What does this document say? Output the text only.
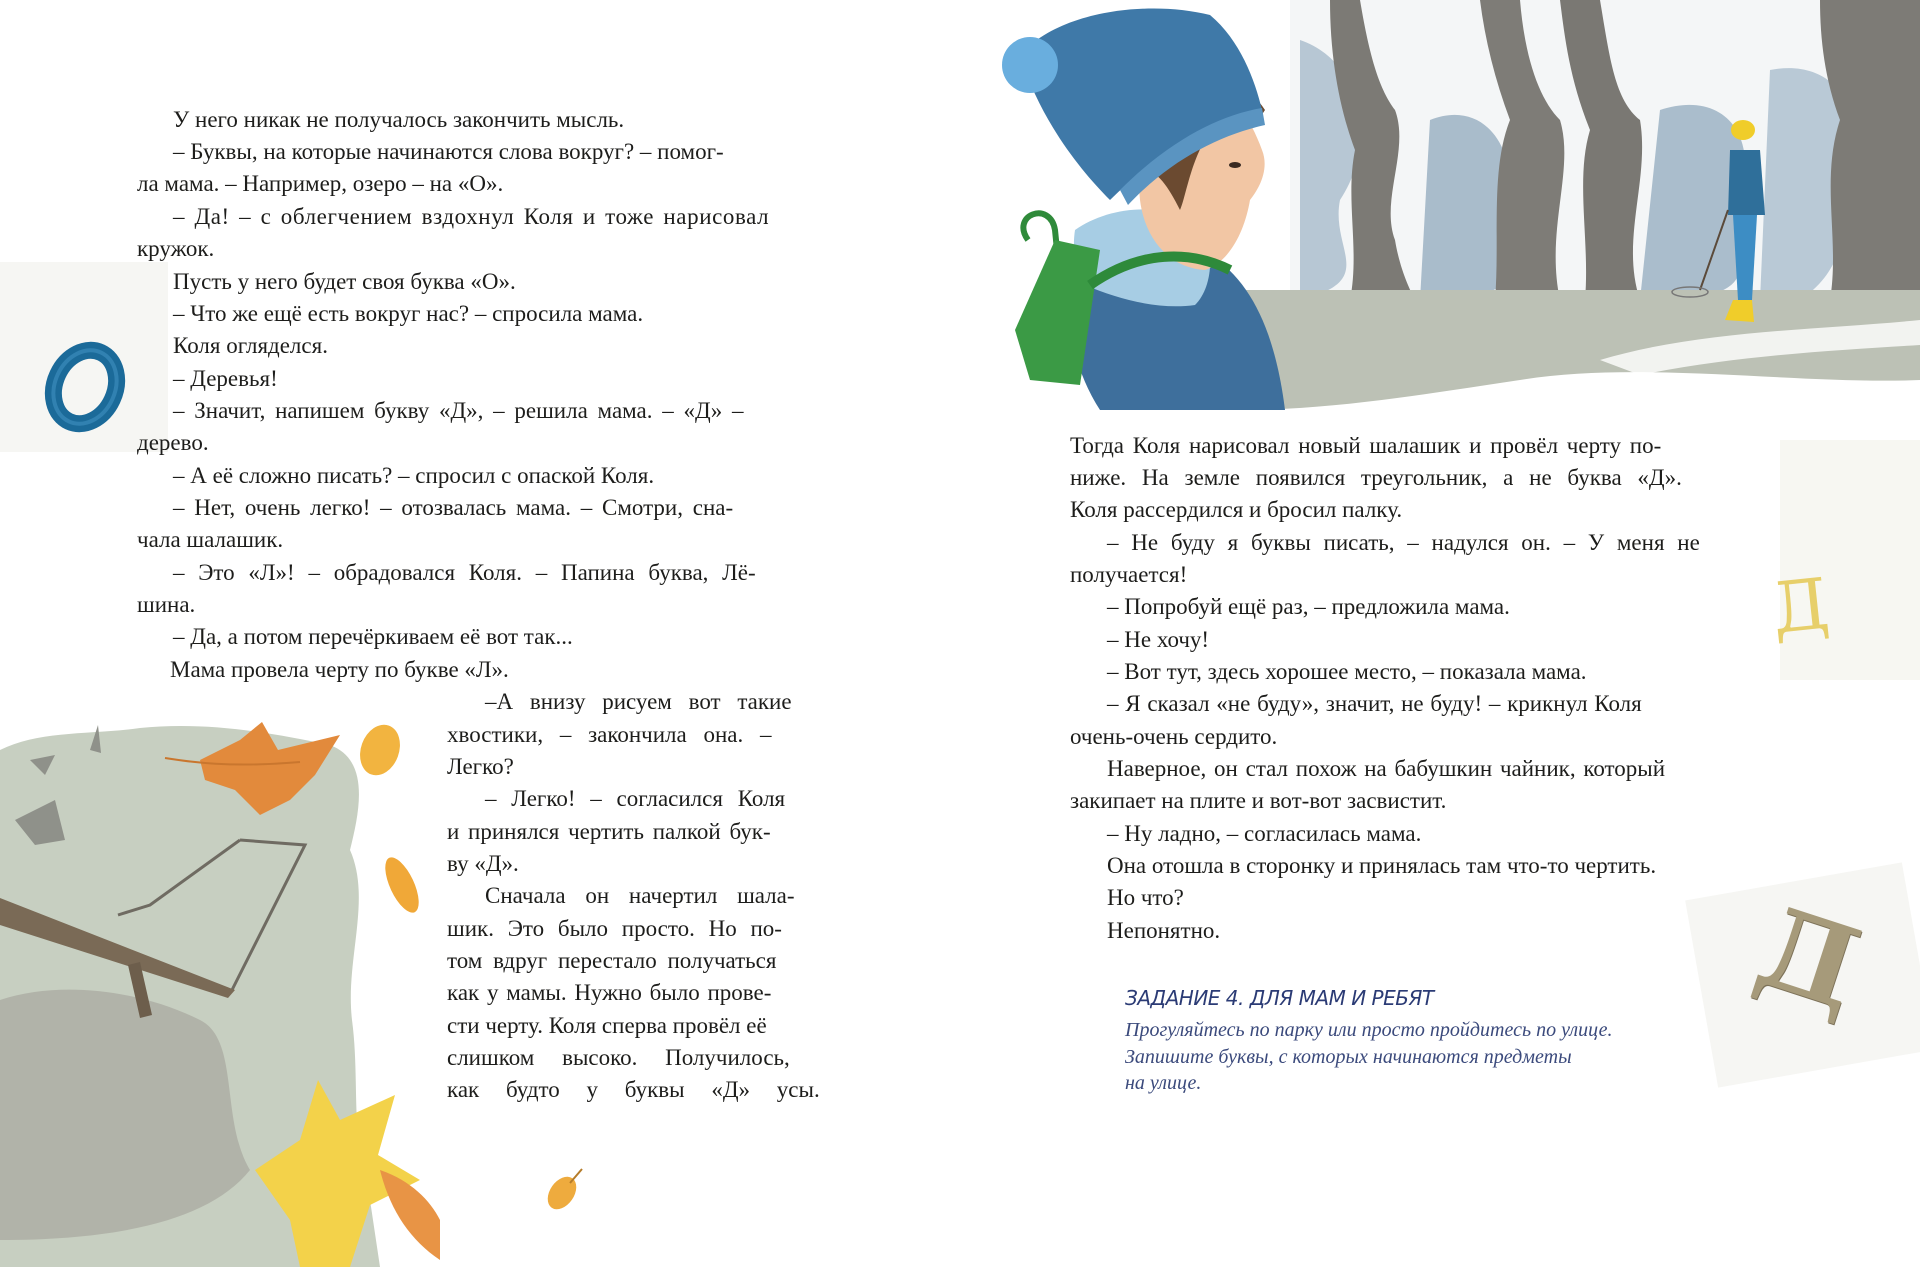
У него никак не получалось закончить мысль.
– Буквы, на которые начинаются слова вокруг? – помог-
ла мама. – Например, озеро – на «О».
– Да! – с облегчением вздохнул Коля и тоже нарисовал
кружок.
Пусть у него будет своя буква «О».
– Что же ещё есть вокруг нас? – спросила мама.
Коля огляделся.
– Деревья!
– Значит, напишем букву «Д», – решила мама. – «Д» –
дерево.
– А её сложно писать? – спросил с опаской Коля.
– Нет, очень легко! – отозвалась мама. – Смотри, сна-
чала шалашик.
– Это «Л»! – обрадовался Коля. – Папина буква, Лё-
шина.
– Да, а потом перечёркиваем её вот так...
Мама провела черту по букве «Л».
–А внизу рисуем вот такие
хвостики, – закончила она. –
Легко?
– Легко! – согласился Коля
и принялся чертить палкой бук-
ву «Д».
Сначала он начертил шала-
шик. Это было просто. Но по-
том вдруг перестало получаться
как у мамы. Нужно было прове-
сти черту. Коля сперва провёл её
слишком высоко. Получилось,
как будто у буквы «Д» усы.
Д
Д
Тогда Коля нарисовал новый шалашик и провёл черту по-
ниже. На земле появился треугольник, а не буква «Д».
Коля рассердился и бросил палку.
– Не буду я буквы писать, – надулся он. – У меня не
получается!
– Попробуй ещё раз, – предложила мама.
– Не хочу!
– Вот тут, здесь хорошее место, – показала мама.
– Я сказал «не буду», значит, не буду! – крикнул Коля
очень-очень сердито.
Наверное, он стал похож на бабушкин чайник, который
закипает на плите и вот-вот засвистит.
– Ну ладно, – согласилась мама.
Она отошла в сторонку и принялась там что-то чертить.
Но что?
Непонятно.
ЗАДАНИЕ 4. ДЛЯ МАМ И РЕБЯТ
Прогуляйтесь по парку или просто пройдитесь по улице.
Запишите буквы, с которых начинаются предметы
на улице.
